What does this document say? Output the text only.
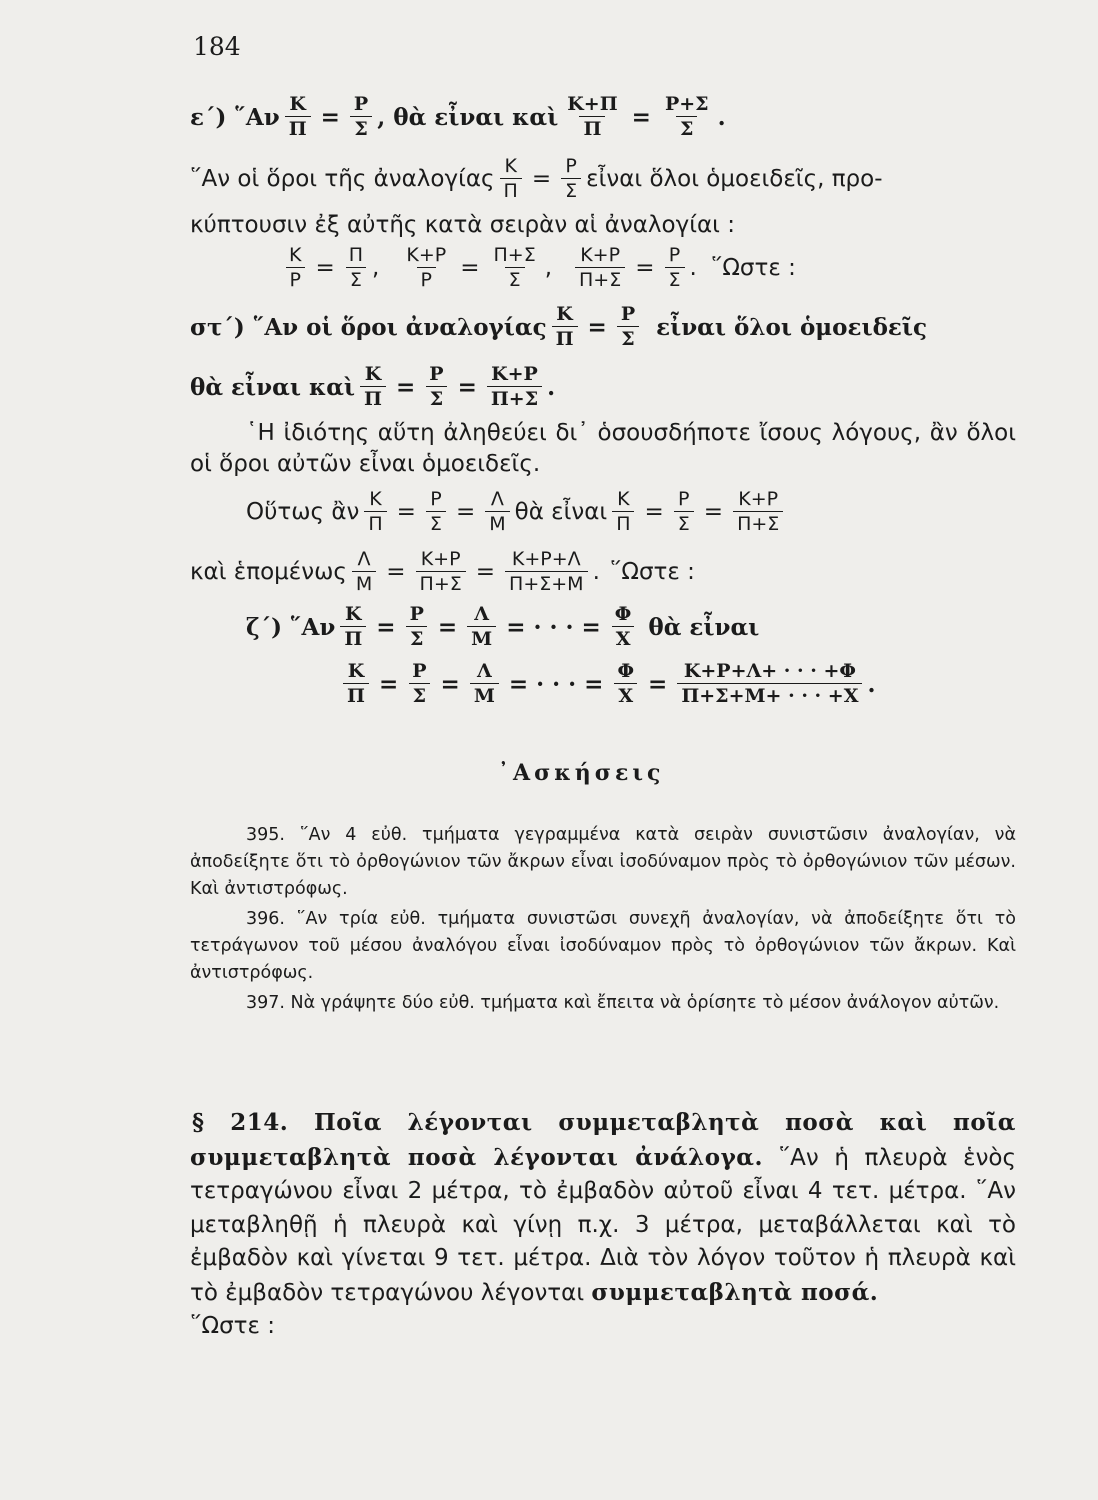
184
ε΄) ῞Αν $\frac{K}{\Pi} = \frac{P}{\Sigma}$ , θὰ εἶναι καὶ $\frac{K+\Pi}{\Pi} = \frac{P+\Sigma}{\Sigma}$ .
῞Αν οἱ ὅροι τῆς ἀναλογίας $\frac{K}{\Pi} = \frac{P}{\Sigma}$ εἶναι ὅλοι ὁμοειδεῖς, προ-
κύπτουσιν ἐξ αὐτῆς κατὰ σειρὰν αἱ ἀναλογίαι :
$\frac{K}{P} = \frac{\Pi}{\Sigma}$ , $\frac{K+P}{P} = \frac{\Pi+\Sigma}{\Sigma}$ , $\frac{K+P}{\Pi+\Sigma} = \frac{P}{\Sigma}$ . ῞Ωστε :
στ΄) ῞Αν οἱ ὅροι ἀναλογίας $\frac{K}{\Pi} = \frac{P}{\Sigma}$ εἶναι ὅλοι ὁμοειδεῖς
θὰ εἶναι καὶ $\frac{K}{\Pi} = \frac{P}{\Sigma} = \frac{K+P}{\Pi+\Sigma}$ .
῾Η ἰδιότης αὕτη ἀληθεύει δι᾽ ὁσουσδήποτε ἴσους λόγους, ἂν ὅλοι οἱ ὅροι αὐτῶν εἶναι ὁμοειδεῖς.
Οὕτως ἂν $\frac{K}{\Pi} = \frac{P}{\Sigma} = \frac{\Lambda}{M}$ θὰ εἶναι $\frac{K}{\Pi} = \frac{P}{\Sigma} = \frac{K+P}{\Pi+\Sigma}$
καὶ ἑπομένως $\frac{\Lambda}{M} = \frac{K+P}{\Pi+\Sigma} = \frac{K+P+\Lambda}{\Pi+\Sigma+M}$ . ῞Ωστε :
ζ΄) ῞Αν $\frac{K}{\Pi} = \frac{P}{\Sigma} = \frac{\Lambda}{M}$ = · · · = $\frac{\Phi}{X}$ θὰ εἶναι
$\frac{K}{\Pi} = \frac{P}{\Sigma} = \frac{\Lambda}{M}$ = · · · = $\frac{\Phi}{X} = \frac{K+P+\Lambda+ \cdot \cdot \cdot +\Phi}{\Pi+\Sigma+M+ \cdot \cdot \cdot +X}$ .
᾿Ασκήσεις
395. ῞Αν 4 εὐθ. τμήματα γεγραμμένα κατὰ σειρὰν συνιστῶσιν ἀναλογίαν, νὰ ἀποδείξητε ὅτι τὸ ὀρθογώνιον τῶν ἄκρων εἶναι ἰσοδύναμον πρὸς τὸ ὀρθογώνιον τῶν μέσων. Καὶ ἀντιστρόφως.
396. ῞Αν τρία εὐθ. τμήματα συνιστῶσι συνεχῆ ἀναλογίαν, νὰ ἀποδείξητε ὅτι τὸ τετράγωνον τοῦ μέσου ἀναλόγου εἶναι ἰσοδύναμον πρὸς τὸ ὀρθογώνιον τῶν ἄκρων. Καὶ ἀντιστρόφως.
397. Νὰ γράψητε δύο εὐθ. τμήματα καὶ ἔπειτα νὰ ὁρίσητε τὸ μέσον ἀνάλογον αὐτῶν.
§ 214. Ποῖα λέγονται συμμεταβλητὰ ποσὰ καὶ ποῖα συμμεταβλητὰ ποσὰ λέγονται ἀνάλογα. ῞Αν ἡ πλευρὰ ἑνὸς τετραγώνου εἶναι 2 μέτρα, τὸ ἐμβαδὸν αὐτοῦ εἶναι 4 τετ. μέτρα. ῞Αν μεταβληθῇ ἡ πλευρὰ καὶ γίνῃ π.χ. 3 μέτρα, μεταβάλλεται καὶ τὸ ἐμβαδὸν καὶ γίνεται 9 τετ. μέτρα. Διὰ τὸν λόγον τοῦτον ἡ πλευρὰ καὶ τὸ ἐμβαδὸν τετραγώνου λέγονται συμμεταβλητὰ ποσά.
῞Ωστε :
